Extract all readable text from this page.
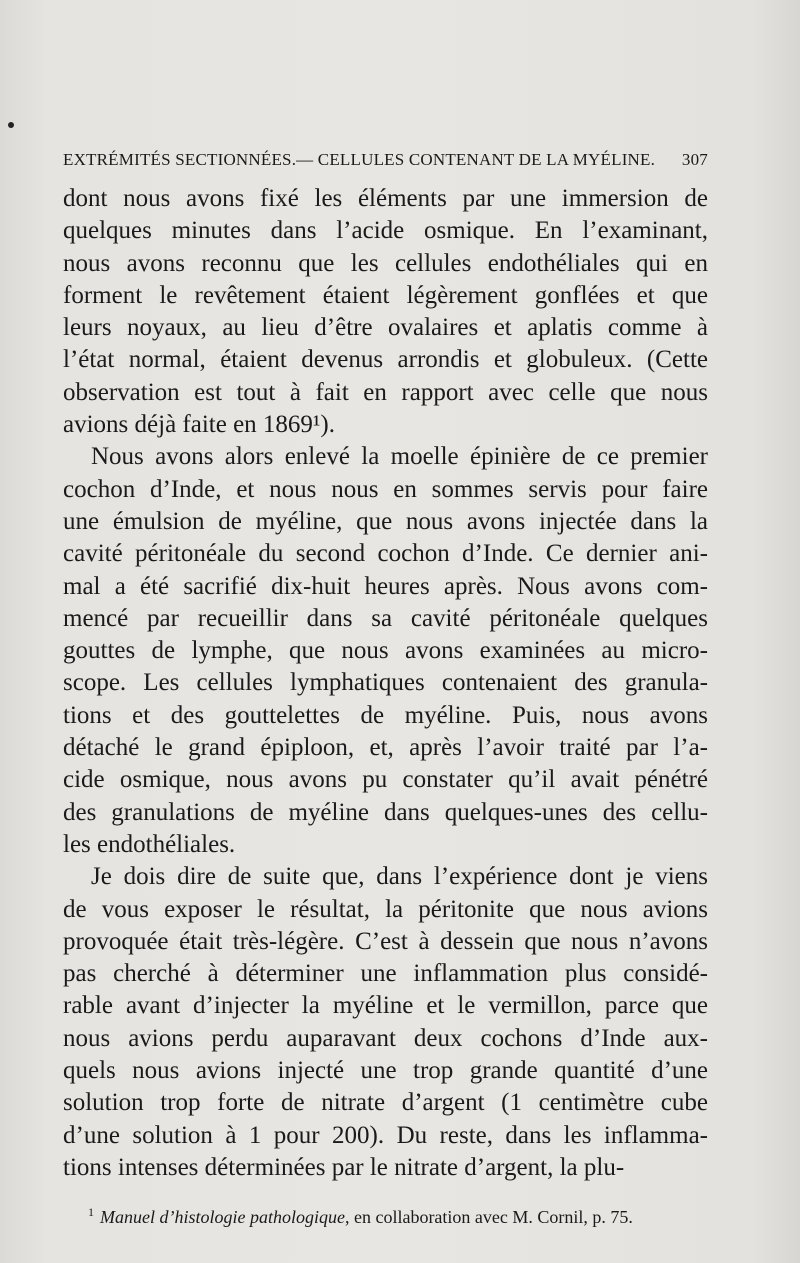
EXTRÉMITÉS SECTIONNÉES.— CELLULES CONTENANT DE LA MYÉLINE. 307
dont nous avons fixé les éléments par une immersion de
quelques minutes dans l’acide osmique. En l’examinant,
nous avons reconnu que les cellules endothéliales qui en
forment le revêtement étaient légèrement gonflées et que
leurs noyaux, au lieu d’être ovalaires et aplatis comme à
l’état normal, étaient devenus arrondis et globuleux. (Cette
observation est tout à fait en rapport avec celle que nous
avions déjà faite en 1869¹).
Nous avons alors enlevé la moelle épinière de ce premier
cochon d’Inde, et nous nous en sommes servis pour faire
une émulsion de myéline, que nous avons injectée dans la
cavité péritonéale du second cochon d’Inde. Ce dernier ani-
mal a été sacrifié dix-huit heures après. Nous avons com-
mencé par recueillir dans sa cavité péritonéale quelques
gouttes de lymphe, que nous avons examinées au micro-
scope. Les cellules lymphatiques contenaient des granula-
tions et des gouttelettes de myéline. Puis, nous avons
détaché le grand épiploon, et, après l’avoir traité par l’a-
cide osmique, nous avons pu constater qu’il avait pénétré
des granulations de myéline dans quelques-unes des cellu-
les endothéliales.
Je dois dire de suite que, dans l’expérience dont je viens
de vous exposer le résultat, la péritonite que nous avions
provoquée était très-légère. C’est à dessein que nous n’avons
pas cherché à déterminer une inflammation plus considé-
rable avant d’injecter la myéline et le vermillon, parce que
nous avions perdu auparavant deux cochons d’Inde aux-
quels nous avions injecté une trop grande quantité d’une
solution trop forte de nitrate d’argent (1 centimètre cube
d’une solution à 1 pour 200). Du reste, dans les inflamma-
tions intenses déterminées par le nitrate d’argent, la plu-
$^1$ Manuel d’histologie pathologique, en collaboration avec M. Cornil, p. 75.
